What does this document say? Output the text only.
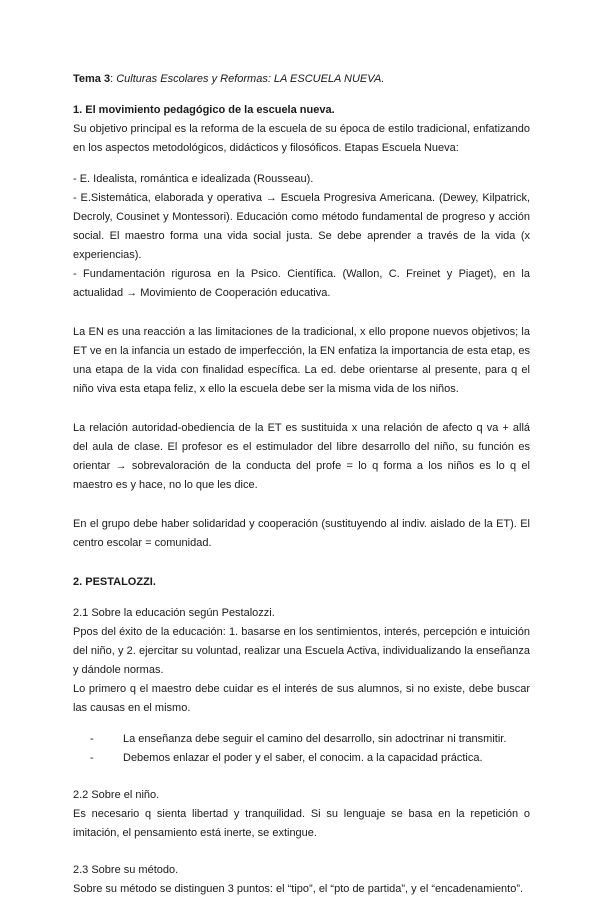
Tema 3: Culturas Escolares y Reformas: LA ESCUELA NUEVA.

1. El movimiento pedagógico de la escuela nueva.

Su objetivo principal es la reforma de la escuela de su época de estilo tradicional, enfatizando en los aspectos metodológicos, didácticos y filosóficos. Etapas Escuela Nueva:

- E. Idealista, romántica e idealizada (Rousseau).

- E.Sistemática, elaborada y operativa → Escuela Progresiva Americana. (Dewey, Kilpatrick, Decroly, Cousinet y Montessori). Educación como método fundamental de progreso y acción social. El maestro forma una vida social justa. Se debe aprender a través de la vida (x experiencias).

- Fundamentación rigurosa en la Psico. Científica. (Wallon, C. Freinet y Piaget), en la actualidad → Movimiento de Cooperación educativa.

La EN es una reacción a las limitaciones de la tradicional, x ello propone nuevos objetivos; la ET ve en la infancia un estado de imperfección, la EN enfatiza la importancia de esta etap, es una etapa de la vida con finalidad específica. La ed. debe orientarse al presente, para q el niño viva esta etapa feliz, x ello la escuela debe ser la misma vida de los niños.

La relación autoridad-obediencia de la ET es sustituida x una relación de afecto q va + allá del aula de clase. El profesor es el estimulador del libre desarrollo del niño, su función es orientar → sobrevaloración de la conducta del profe = lo q forma a los niños es lo q el maestro es y hace, no lo que les dice.

En el grupo debe haber solidaridad y cooperación (sustituyendo al indiv. aislado de la ET). El centro escolar = comunidad.

2. PESTALOZZI.

2.1 Sobre la educación según Pestalozzi.

Ppos del éxito de la educación: 1. basarse en los sentimientos, interés, percepción e intuición del niño, y 2. ejercitar su voluntad, realizar una Escuela Activa, individualizando la enseñanza y dándole normas.

Lo primero q el maestro debe cuidar es el interés de sus alumnos, si no existe, debe buscar las causas en el mismo.

- La enseñanza debe seguir el camino del desarrollo, sin adoctrinar ni transmitir.
- Debemos enlazar el poder y el saber, el conocim. a la capacidad práctica.

2.2 Sobre el niño.

Es necesario q sienta libertad y tranquilidad. Si su lenguaje se basa en la repetición o imitación, el pensamiento está inerte, se extingue.

2.3 Sobre su método.

Sobre su método se distinguen 3 puntos: el “tipo”, el “pto de partida”, y el “encadenamiento”.
